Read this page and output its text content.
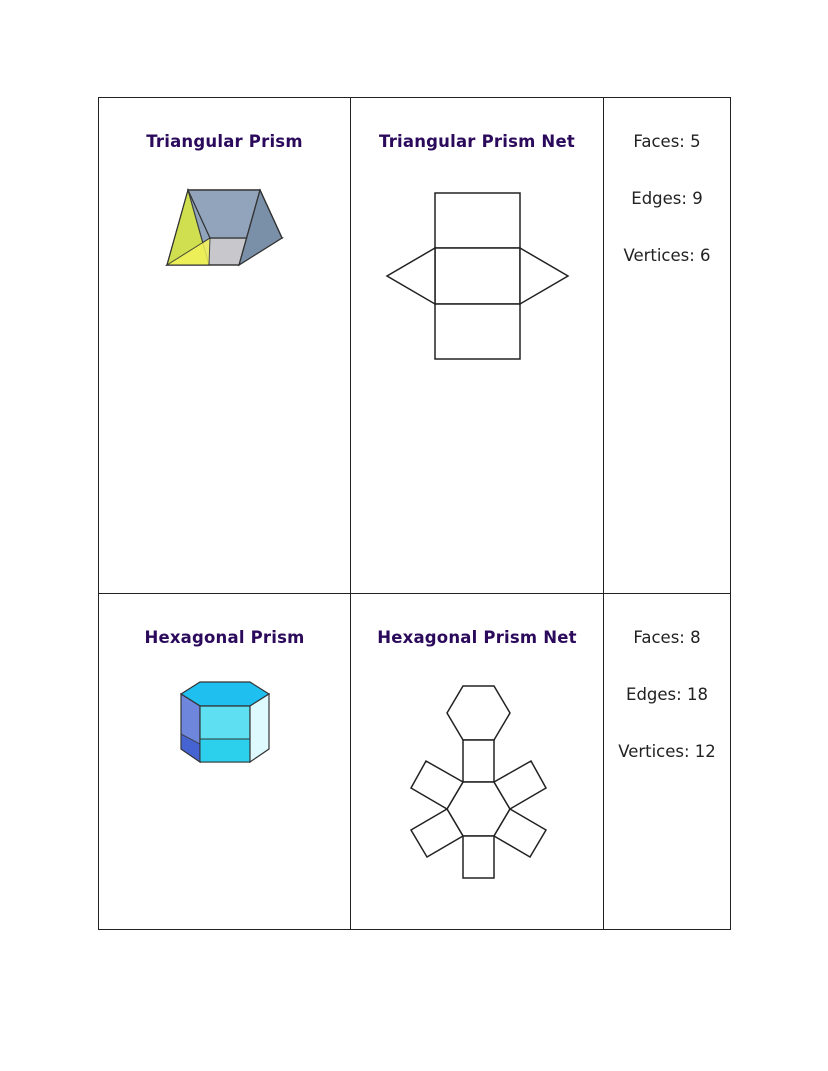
Triangular Prism	Triangular Prism Net	Faces: 5
Edges: 9
Vertices: 6

Hexagonal Prism	Hexagonal Prism Net	Faces: 8
Edges: 18
Vertices: 12
